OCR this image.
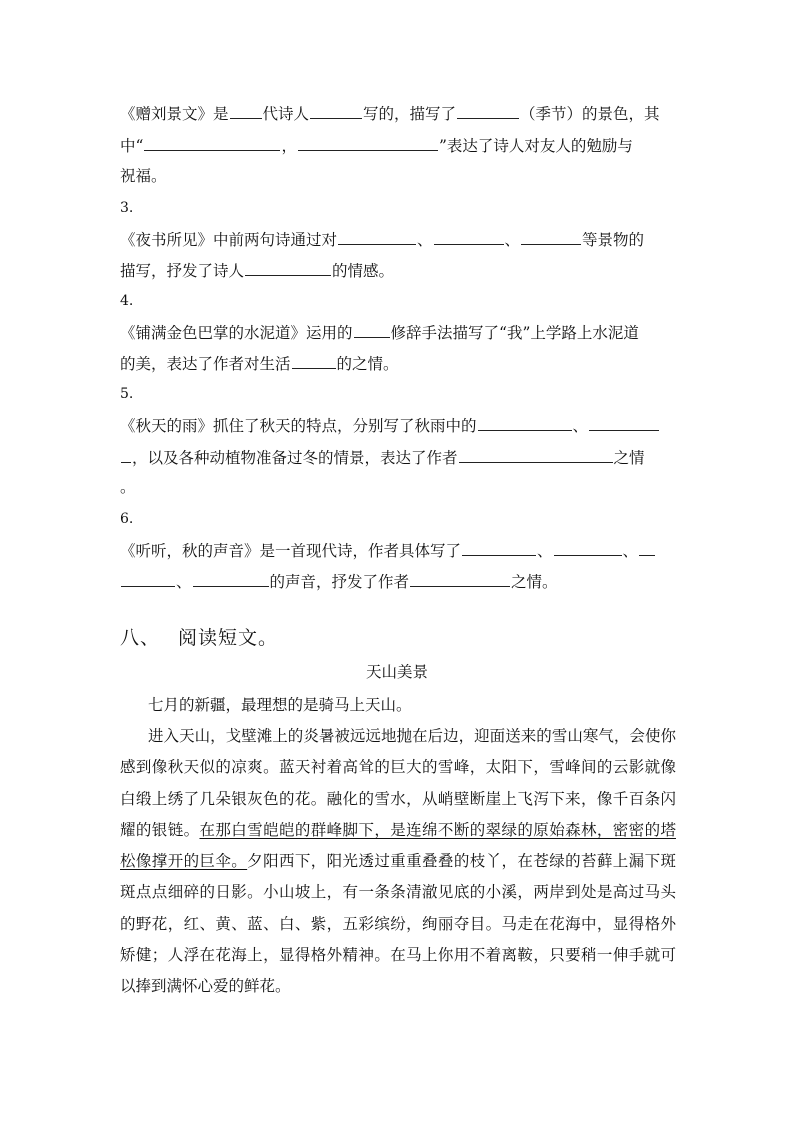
《赠刘景文》是 代诗人	写的，描写了	（季节）的景色，其
中“	，	”表达了诗人对友人的勉励与
祝福。
3.
《夜书所见》中前两句诗通过对	、	、	等景物的
描写，抒发了诗人	的情感。
4.
《铺满金色巴掌的水泥道》运用的 修辞手法描写了“我”上学路上水泥道
的美，表达了作者对生活	的之情。
5.
《秋天的雨》抓住了秋天的特点，分别写了秋雨中的	、
，以及各种动植物准备过冬的情景，表达了作者	之情
。
6.
《听听，秋的声音》是一首现代诗，作者具体写了	、	、
、	的声音，抒发了作者	之情。
八、 阅读短文。
天山美景
七月的新疆，最理想的是骑马上天山。
进入天山，戈壁滩上的炎暑被远远地抛在后边，迎面送来的雪山寒气，会使你感到像秋天似的凉爽。蓝天衬着高耸的巨大的雪峰，太阳下，雪峰间的云影就像白缎上绣了几朵银灰色的花。融化的雪水，从峭壁断崖上飞泻下来，像千百条闪耀的银链。在那白雪皑皑的群峰脚下，是连绵不断的翠绿的原始森林，密密的塔松像撑开的巨伞。夕阳西下，阳光透过重重叠叠的枝丫，在苍绿的苔藓上漏下斑斑点点细碎的日影。小山坡上，有一条条清澈见底的小溪，两岸到处是高过马头的野花，红、黄、蓝、白、紫，五彩缤纷，绚丽夺目。马走在花海中，显得格外矫健；人浮在花海上，显得格外精神。在马上你用不着离鞍，只要稍一伸手就可以捧到满怀心爱的鲜花。
